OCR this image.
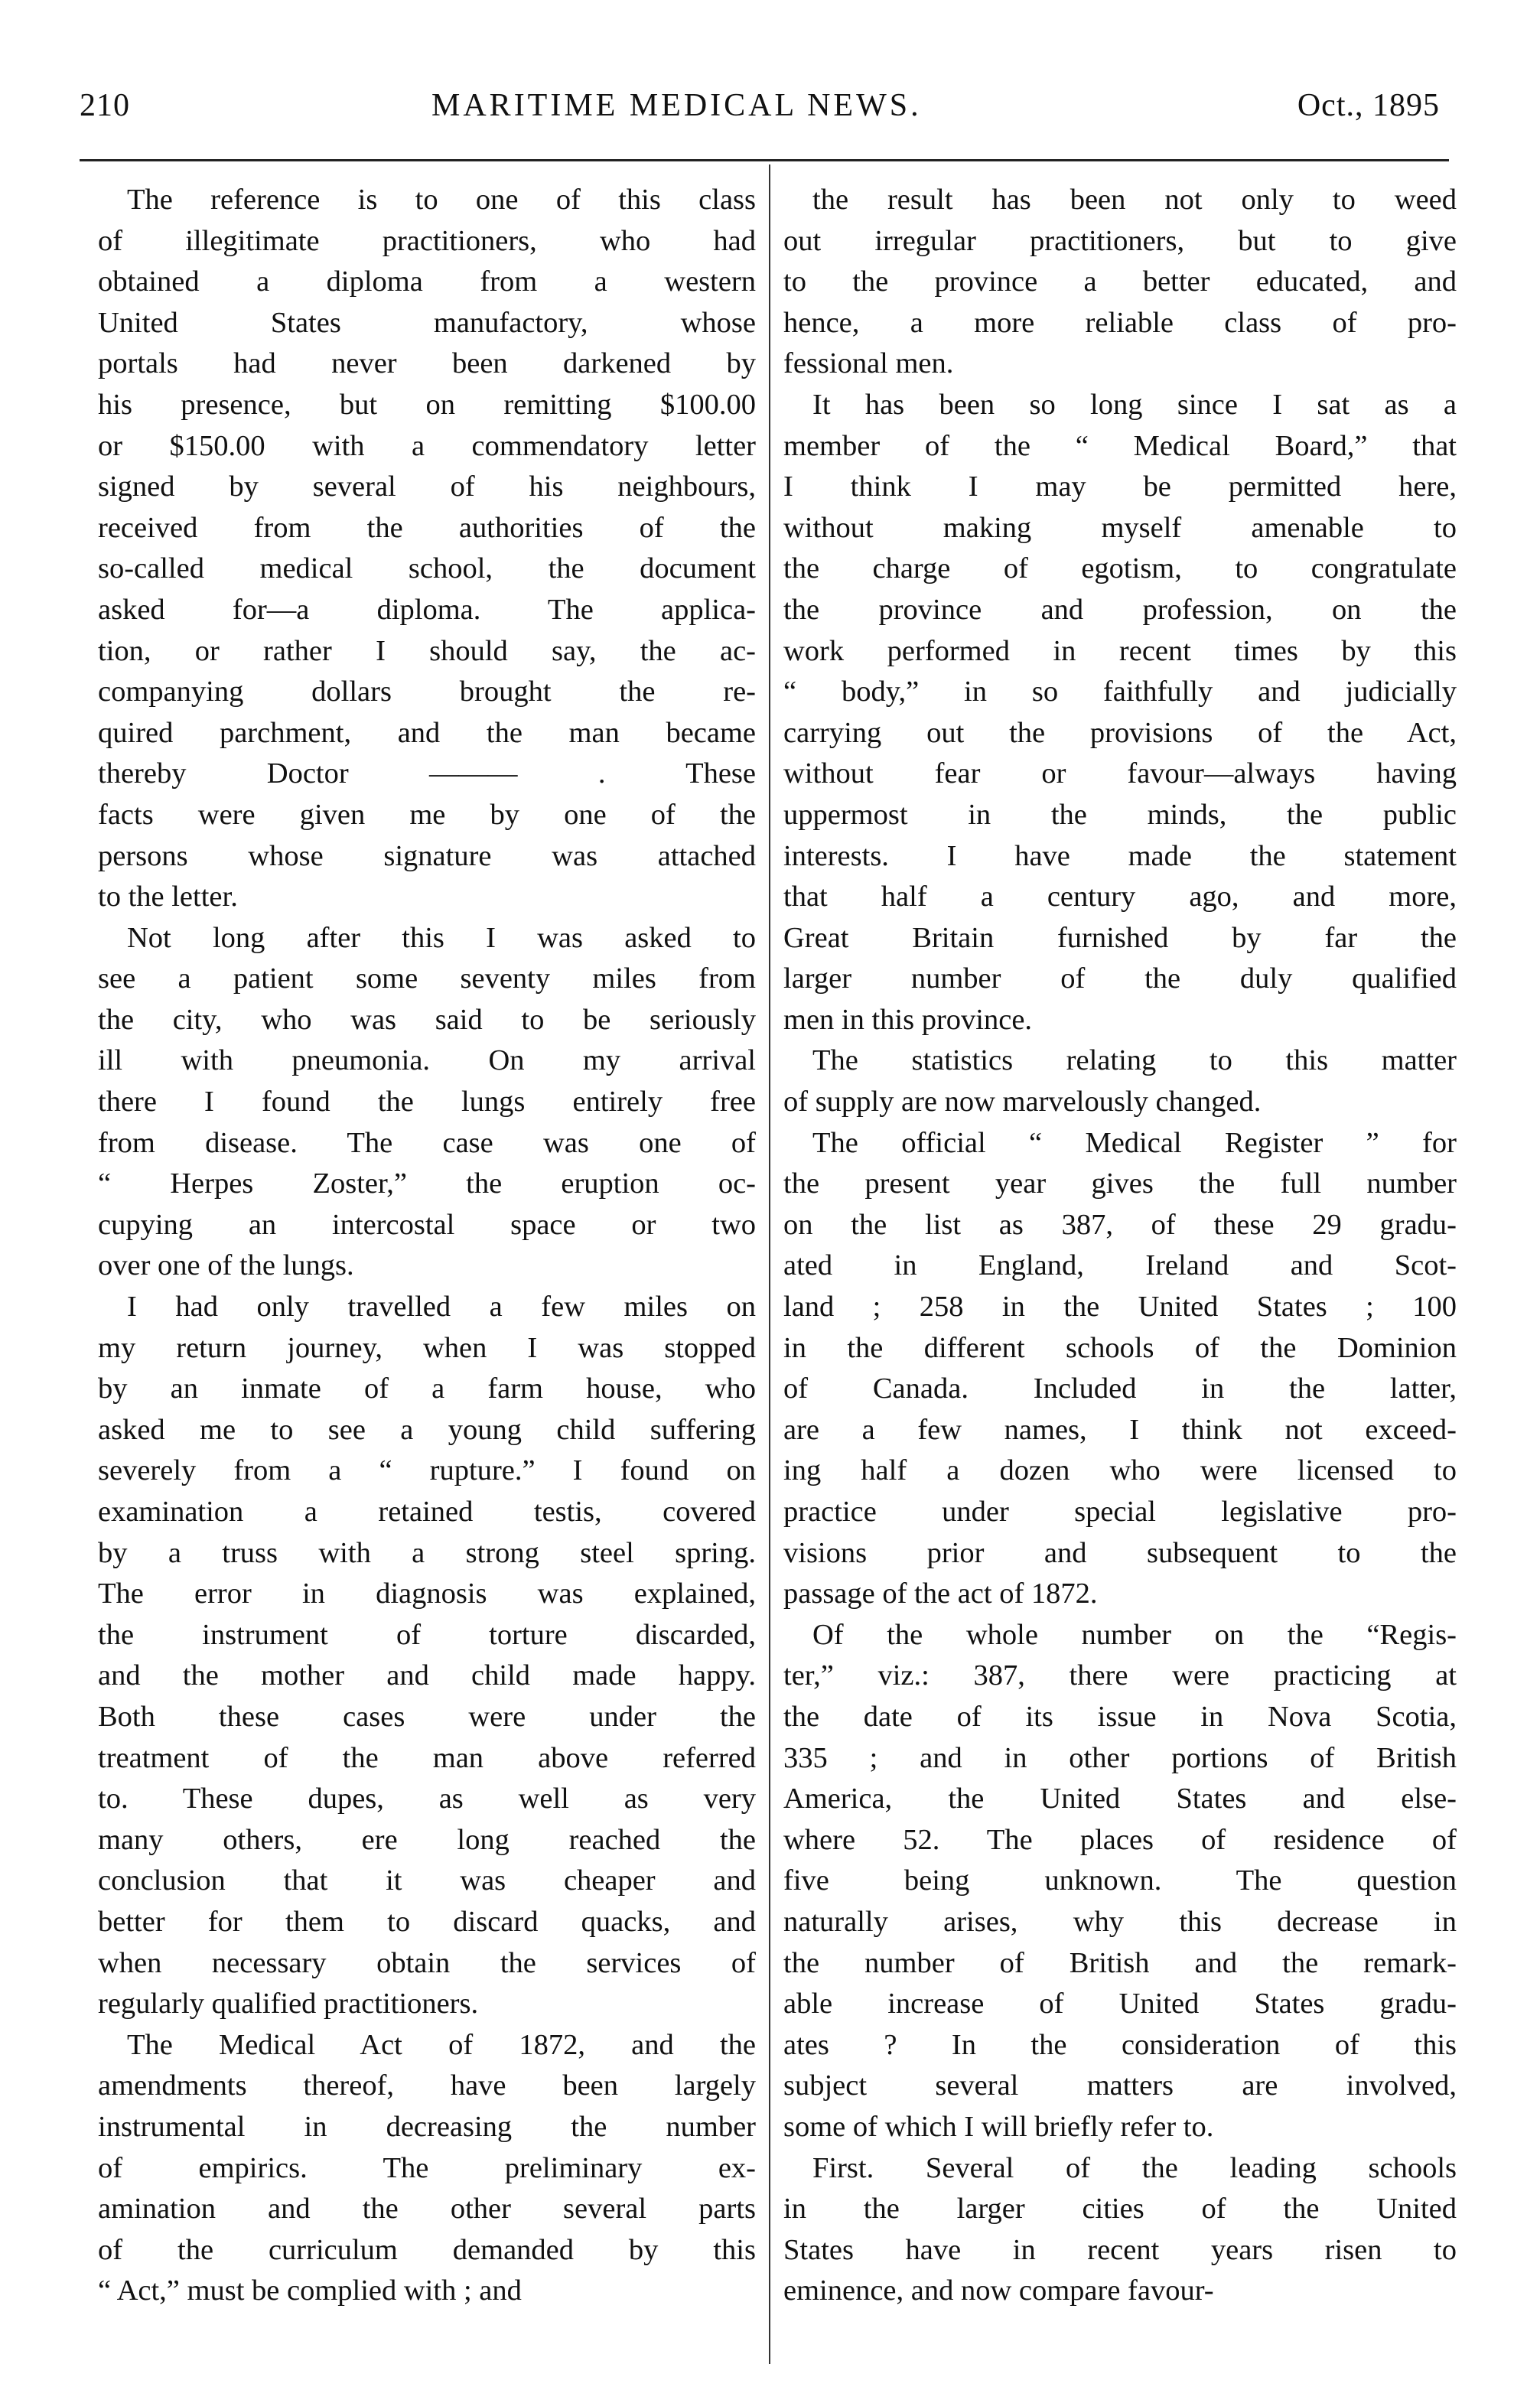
210	MARITIME MEDICAL NEWS.	Oct., 1895

The reference is to one of this class
of illegitimate practitioners, who had
obtained a diploma from a western
United States manufactory, whose
portals had never been darkened by
his presence, but on remitting $100.00
or $150.00 with a commendatory letter
signed by several of his neighbours,
received from the authorities of the
so-called medical school, the document
asked for—a diploma. The applica-
tion, or rather I should say, the ac-
companying dollars brought the re-
quired parchment, and the man became
thereby Doctor ——— . These
facts were given me by one of the
persons whose signature was attached
to the letter.

Not long after this I was asked to
see a patient some seventy miles from
the city, who was said to be seriously
ill with pneumonia. On my arrival
there I found the lungs entirely free
from disease. The case was one of
“ Herpes Zoster,” the eruption oc-
cupying an intercostal space or two
over one of the lungs.

I had only travelled a few miles on
my return journey, when I was stopped
by an inmate of a farm house, who
asked me to see a young child suffering
severely from a “ rupture.” I found on
examination a retained testis, covered
by a truss with a strong steel spring.
The error in diagnosis was explained,
the instrument of torture discarded,
and the mother and child made happy.
Both these cases were under the
treatment of the man above referred
to. These dupes, as well as very
many others, ere long reached the
conclusion that it was cheaper and
better for them to discard quacks, and
when necessary obtain the services of
regularly qualified practitioners.

The Medical Act of 1872, and the
amendments thereof, have been largely
instrumental in decreasing the number
of empirics. The preliminary ex-
amination and the other several parts
of the curriculum demanded by this
“ Act,” must be complied with ; and

the result has been not only to weed
out irregular practitioners, but to give
to the province a better educated, and
hence, a more reliable class of pro-
fessional men.

It has been so long since I sat as a
member of the “ Medical Board,” that
I think I may be permitted here,
without making myself amenable to
the charge of egotism, to congratulate
the province and profession, on the
work performed in recent times by this
“ body,” in so faithfully and judicially
carrying out the provisions of the Act,
without fear or favour—always having
uppermost in the minds, the public
interests. I have made the statement
that half a century ago, and more,
Great Britain furnished by far the
larger number of the duly qualified
men in this province.

The statistics relating to this matter
of supply are now marvelously changed.

The official “ Medical Register ” for
the present year gives the full number
on the list as 387, of these 29 gradu-
ated in England, Ireland and Scot-
land ; 258 in the United States ; 100
in the different schools of the Dominion
of Canada. Included in the latter,
are a few names, I think not exceed-
ing half a dozen who were licensed to
practice under special legislative pro-
visions prior and subsequent to the
passage of the act of 1872.

Of the whole number on the “Regis-
ter,” viz.: 387, there were practicing at
the date of its issue in Nova Scotia,
335 ; and in other portions of British
America, the United States and else-
where 52. The places of residence of
five being unknown. The question
naturally arises, why this decrease in
the number of British and the remark-
able increase of United States gradu-
ates ? In the consideration of this
subject several matters are involved,
some of which I will briefly refer to.

First. Several of the leading schools
in the larger cities of the United
States have in recent years risen to
eminence, and now compare favour-
